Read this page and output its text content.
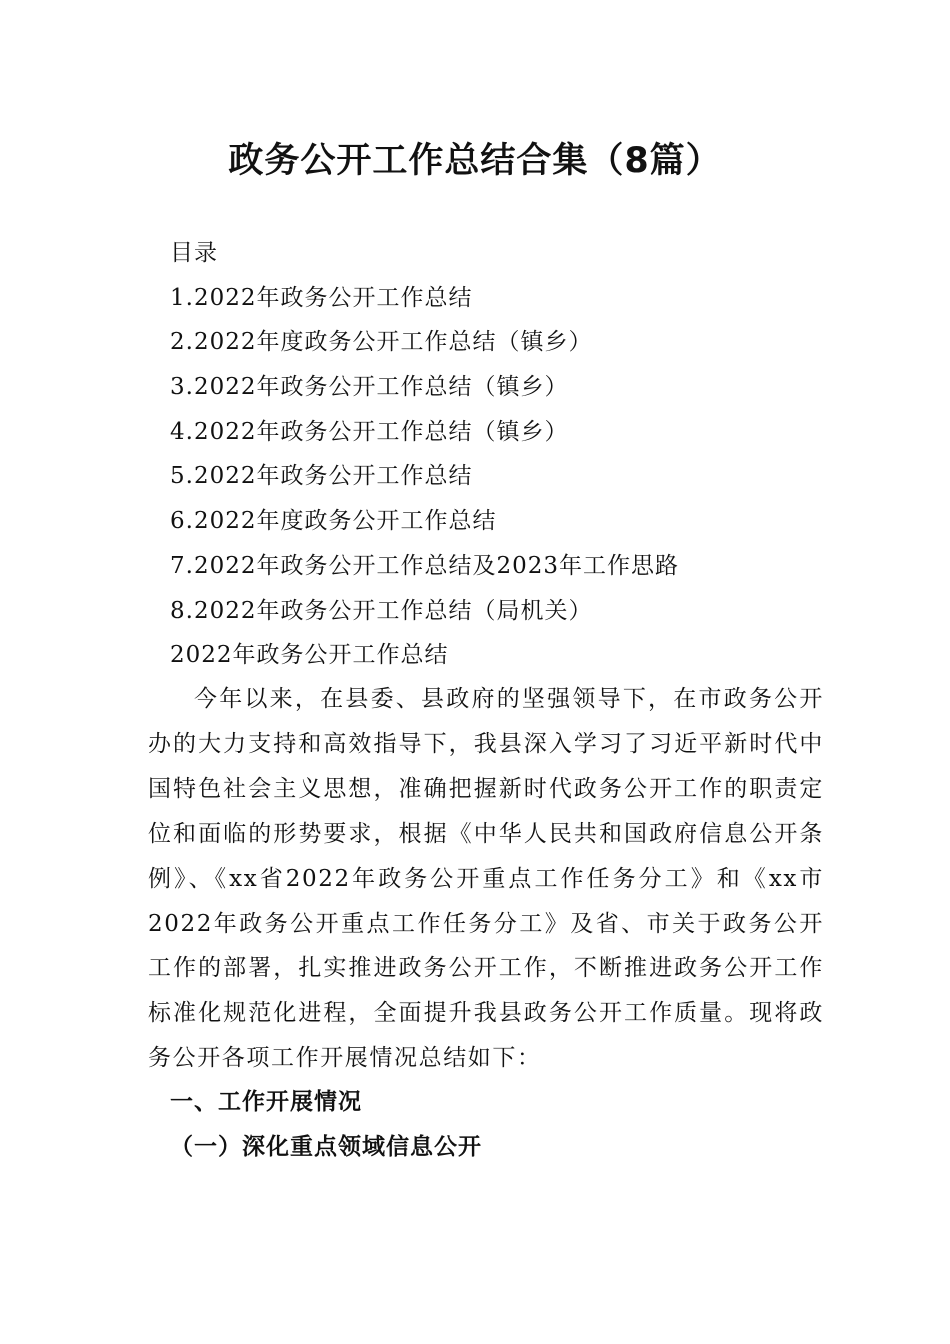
政务公开工作总结合集（8篇）
目录
1.2022年政务公开工作总结
2.2022年度政务公开工作总结（镇乡）
3.2022年政务公开工作总结（镇乡）
4.2022年政务公开工作总结（镇乡）
5.2022年政务公开工作总结
6.2022年度政务公开工作总结
7.2022年政务公开工作总结及2023年工作思路
8.2022年政务公开工作总结（局机关）
2022年政务公开工作总结

今年以来，在县委、县政府的坚强领导下，在市政务公开办的大力支持和高效指导下，我县深入学习了习近平新时代中国特色社会主义思想，准确把握新时代政务公开工作的职责定位和面临的形势要求，根据《中华人民共和国政府信息公开条例》、《xx省2022年政务公开重点工作任务分工》和《xx市2022年政务公开重点工作任务分工》及省、市关于政务公开工作的部署，扎实推进政务公开工作，不断推进政务公开工作标准化规范化进程，全面提升我县政务公开工作质量。现将政务公开各项工作开展情况总结如下：

一、工作开展情况
（一）深化重点领域信息公开
